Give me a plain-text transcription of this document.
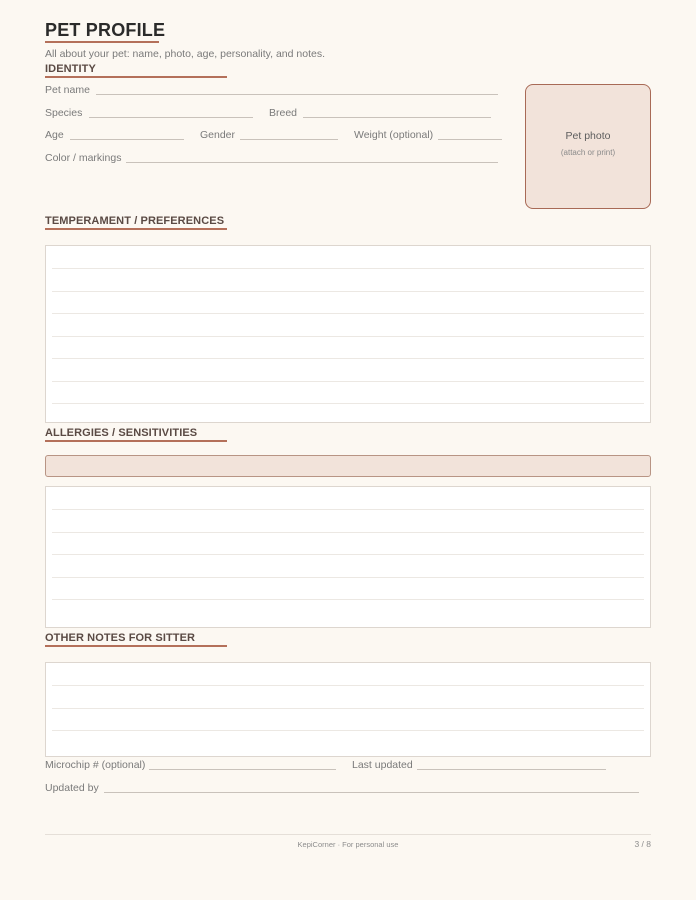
PET PROFILE
All about your pet: name, photo, age, personality, and notes.
IDENTITY
Pet name
Species	Breed
Age	Gender	Weight (optional)
Color / markings
Pet photo
(attach or print)
TEMPERAMENT / PREFERENCES
ALLERGIES / SENSITIVITIES
OTHER NOTES FOR SITTER
Microchip # (optional)	Last updated
Updated by
KepiCorner · For personal use	3 / 8
